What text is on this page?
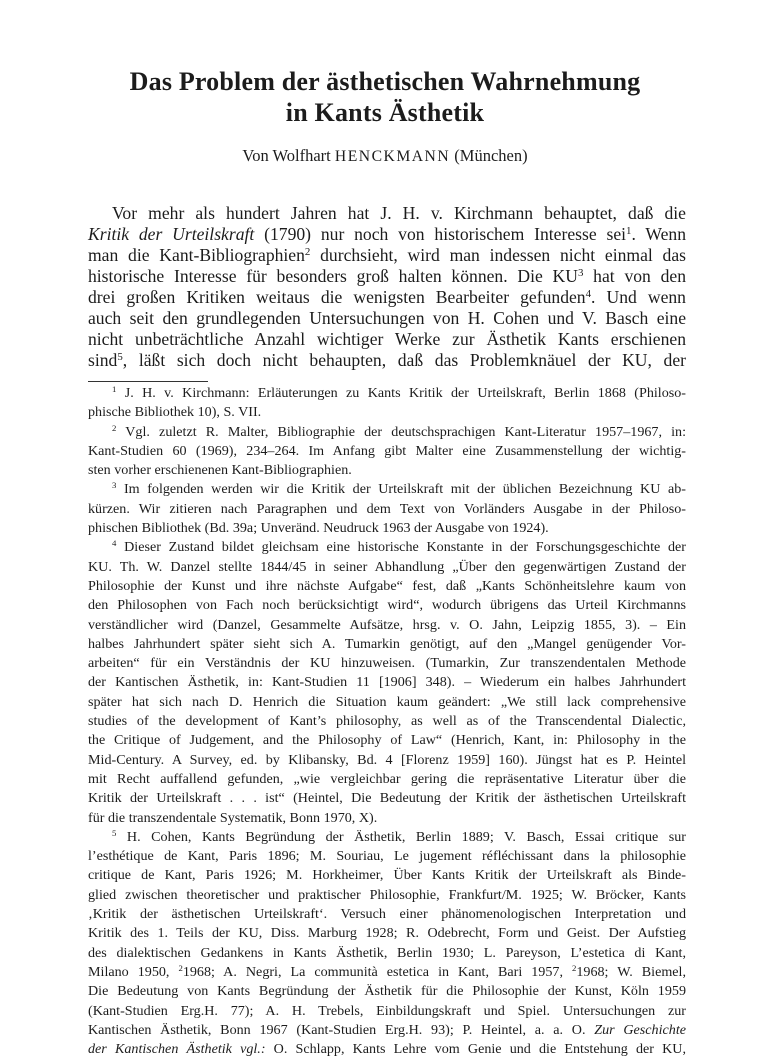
Das Problem der ästhetischen Wahrnehmung
in Kants Ästhetik
Von Wolfhart HENCKMANN (München)
Vor mehr als hundert Jahren hat J. H. v. Kirchmann behauptet, daß die
Kritik der Urteilskraft (1790) nur noch von historischem Interesse sei$^1$. Wenn
man die Kant-Bibliographien$^2$ durchsieht, wird man indessen nicht einmal das
historische Interesse für besonders groß halten können. Die $KU^3$ hat von den
drei großen Kritiken weitaus die wenigsten Bearbeiter gefunden$^4$. Und wenn
auch seit den grundlegenden Untersuchungen von H. Cohen und V. Basch eine
nicht unbeträchtliche Anzahl wichtiger Werke zur Ästhetik Kants erschienen
sind$^5$, läßt sich doch nicht behaupten, daß das Problemknäuel der KU, der
$^1$ J. H. v. Kirchmann: Erläuterungen zu Kants Kritik der Urteilskraft, Berlin 1868 (Philoso-
phische Bibliothek 10), S. VII.
$^2$ Vgl. zuletzt R. Malter, Bibliographie der deutschsprachigen Kant-Literatur 1957–1967, in:
Kant-Studien 60 (1969), 234–264. Im Anfang gibt Malter eine Zusammenstellung der wichtig-
sten vorher erschienenen Kant-Bibliographien.
$^3$ Im folgenden werden wir die Kritik der Urteilskraft mit der üblichen Bezeichnung KU ab-
kürzen. Wir zitieren nach Paragraphen und dem Text von Vorländers Ausgabe in der Philoso-
phischen Bibliothek (Bd. 39a; Unveränd. Neudruck 1963 der Ausgabe von 1924).
$^4$ Dieser Zustand bildet gleichsam eine historische Konstante in der Forschungsgeschichte der
KU. Th. W. Danzel stellte 1844/45 in seiner Abhandlung „Über den gegenwärtigen Zustand der
Philosophie der Kunst und ihre nächste Aufgabe“ fest, daß „Kants Schönheitslehre kaum von
den Philosophen von Fach noch berücksichtigt wird“, wodurch übrigens das Urteil Kirchmanns
verständlicher wird (Danzel, Gesammelte Aufsätze, hrsg. v. O. Jahn, Leipzig 1855, 3). – Ein
halbes Jahrhundert später sieht sich A. Tumarkin genötigt, auf den „Mangel genügender Vor-
arbeiten“ für ein Verständnis der KU hinzuweisen. (Tumarkin, Zur transzendentalen Methode
der Kantischen Ästhetik, in: Kant-Studien 11 [1906] 348). – Wiederum ein halbes Jahrhundert
später hat sich nach D. Henrich die Situation kaum geändert: „We still lack comprehensive
studies of the development of Kant’s philosophy, as well as of the Transcendental Dialectic,
the Critique of Judgement, and the Philosophy of Law“ (Henrich, Kant, in: Philosophy in the
Mid-Century. A Survey, ed. by Klibansky, Bd. 4 [Florenz 1959] 160). Jüngst hat es P. Heintel
mit Recht auffallend gefunden, „wie vergleichbar gering die repräsentative Literatur über die
Kritik der Urteilskraft . . . ist“ (Heintel, Die Bedeutung der Kritik der ästhetischen Urteilskraft
für die transzendentale Systematik, Bonn 1970, X).
$^5$ H. Cohen, Kants Begründung der Ästhetik, Berlin 1889; V. Basch, Essai critique sur
l’esthétique de Kant, Paris 1896; M. Souriau, Le jugement réfléchissant dans la philosophie
critique de Kant, Paris 1926; M. Horkheimer, Über Kants Kritik der Urteilskraft als Binde-
glied zwischen theoretischer und praktischer Philosophie, Frankfurt/M. 1925; W. Bröcker, Kants
‚Kritik der ästhetischen Urteilskraft‘. Versuch einer phänomenologischen Interpretation und
Kritik des 1. Teils der KU, Diss. Marburg 1928; R. Odebrecht, Form und Geist. Der Aufstieg
des dialektischen Gedankens in Kants Ästhetik, Berlin 1930; L. Pareyson, L’estetica di Kant,
Milano 1950, $^2$1968; A. Negri, La communità estetica in Kant, Bari 1957, $^2$1968; W. Biemel,
Die Bedeutung von Kants Begründung der Ästhetik für die Philosophie der Kunst, Köln 1959
(Kant-Studien Erg.H. 77); A. H. Trebels, Einbildungskraft und Spiel. Untersuchungen zur
Kantischen Ästhetik, Bonn 1967 (Kant-Studien Erg.H. 93); P. Heintel, a. a. O. Zur Geschichte
der Kantischen Ästhetik vgl.: O. Schlapp, Kants Lehre vom Genie und die Entstehung der KU,
